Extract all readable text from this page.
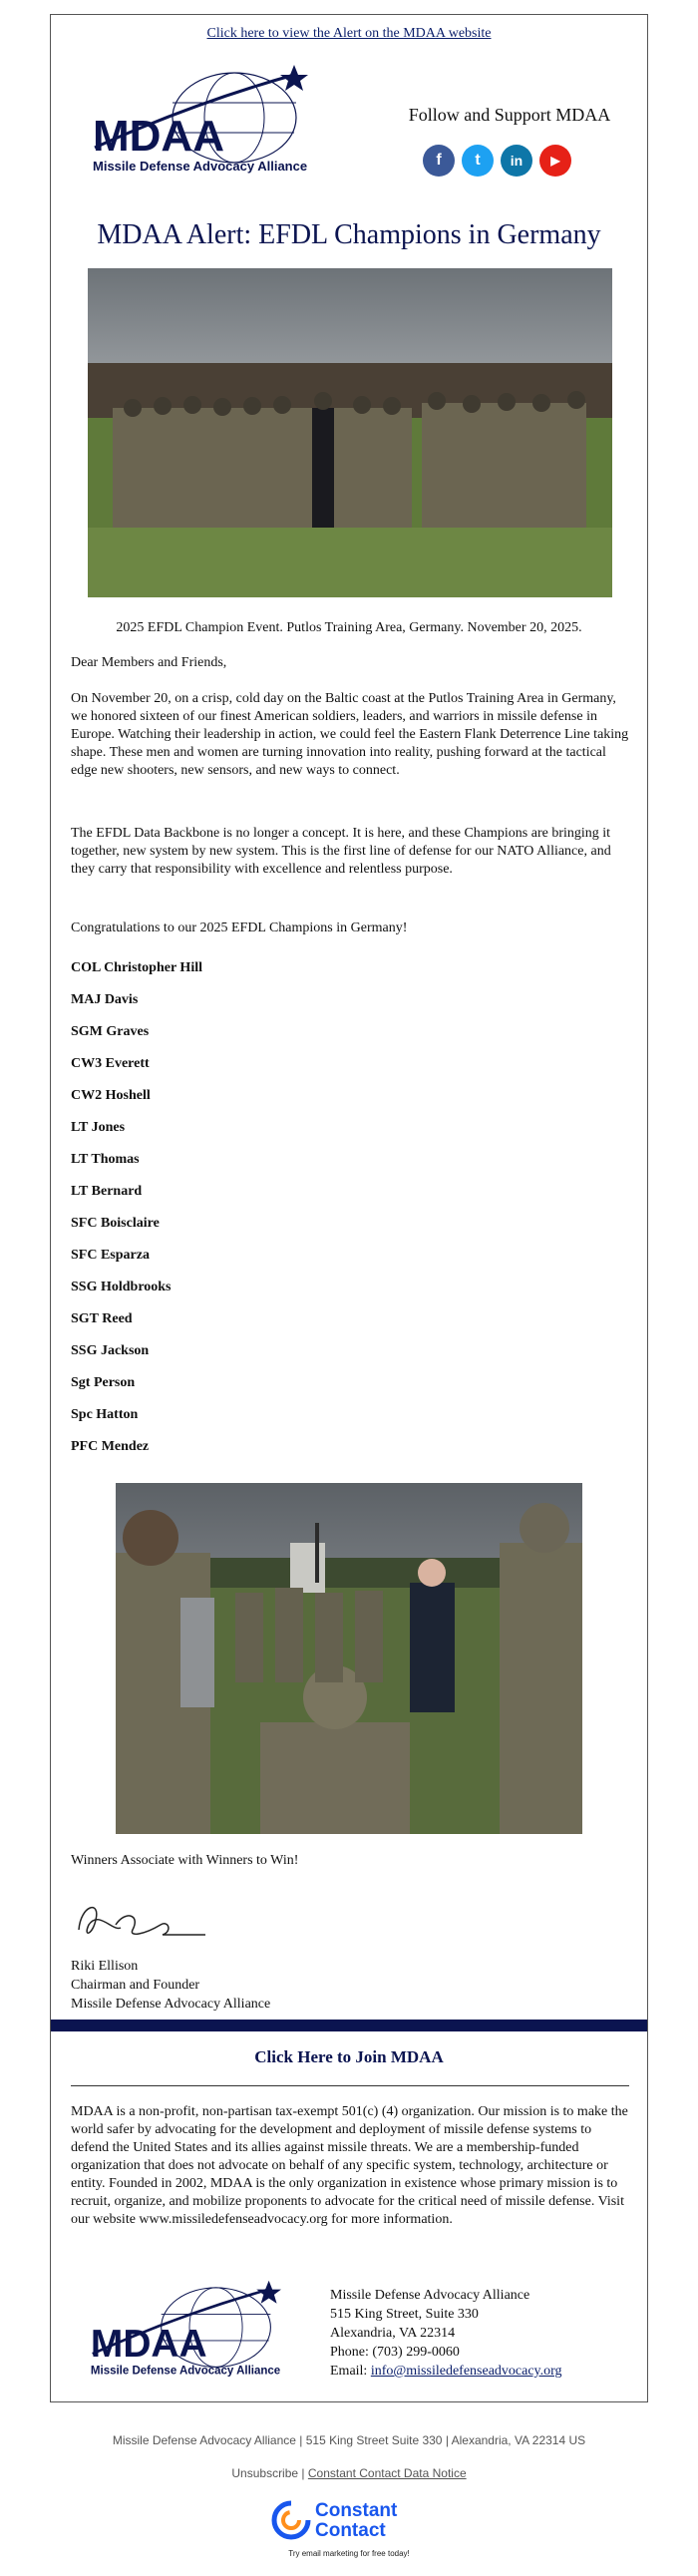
Click here to view the Alert on the MDAA website
MDAA
Missile Defense Advocacy Alliance
Follow and Support MDAA
f t in ▶
MDAA Alert: EFDL Champions in Germany
2025 EFDL Champion Event. Putlos Training Area, Germany. November 20, 2025.

Dear Members and Friends,

On November 20, on a crisp, cold day on the Baltic coast at the Putlos Training Area in Germany, we honored sixteen of our finest American soldiers, leaders, and warriors in missile defense in Europe. Watching their leadership in action, we could feel the Eastern Flank Deterrence Line taking shape. These men and women are turning innovation into reality, pushing forward at the tactical edge new shooters, new sensors, and new ways to connect.

The EFDL Data Backbone is no longer a concept. It is here, and these Champions are bringing it together, new system by new system. This is the first line of defense for our NATO Alliance, and they carry that responsibility with excellence and relentless purpose.

Congratulations to our 2025 EFDL Champions in Germany!

COL Christopher Hill
MAJ Davis
SGM Graves
CW3 Everett
CW2 Hoshell
LT Jones
LT Thomas
LT Bernard
SFC Boisclaire
SFC Esparza
SSG Holdbrooks
SGT Reed
SSG Jackson
Sgt Person
Spc Hatton
PFC Mendez

Winners Associate with Winners to Win!

Riki Ellison
Chairman and Founder
Missile Defense Advocacy Alliance
Click Here to Join MDAA
MDAA is a non-profit, non-partisan tax-exempt 501(c) (4) organization. Our mission is to make the world safer by advocating for the development and deployment of missile defense systems to defend the United States and its allies against missile threats. We are a membership-funded organization that does not advocate on behalf of any specific system, technology, architecture or entity. Founded in 2002, MDAA is the only organization in existence whose primary mission is to recruit, organize, and mobilize proponents to advocate for the critical need of missile defense. Visit our website www.missiledefenseadvocacy.org for more information.
MDAA
Missile Defense Advocacy Alliance
Missile Defense Advocacy Alliance
515 King Street, Suite 330
Alexandria, VA 22314
Phone: (703) 299-0060
Email: info@missiledefenseadvocacy.org
Missile Defense Advocacy Alliance | 515 King Street Suite 330 | Alexandria, VA 22314 US
Unsubscribe | Constant Contact Data Notice
Constant
Contact
Try email marketing for free today!
